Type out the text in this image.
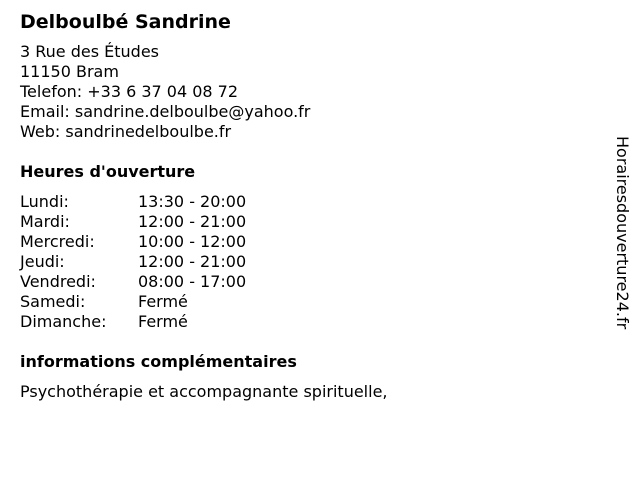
Delboulbé Sandrine
3 Rue des Études
11150 Bram
Telefon: +33 6 37 04 08 72
Email: sandrine.delboulbe@yahoo.fr
Web: sandrinedelboulbe.fr
Heures d'ouverture
Lundi:	13:30 - 20:00
Mardi:	12:00 - 21:00
Mercredi:	10:00 - 12:00
Jeudi:	12:00 - 21:00
Vendredi:	08:00 - 17:00
Samedi:	Fermé
Dimanche:	Fermé
informations complémentaires
Psychothérapie et accompagnante spirituelle,
Horairesdouverture24.fr
